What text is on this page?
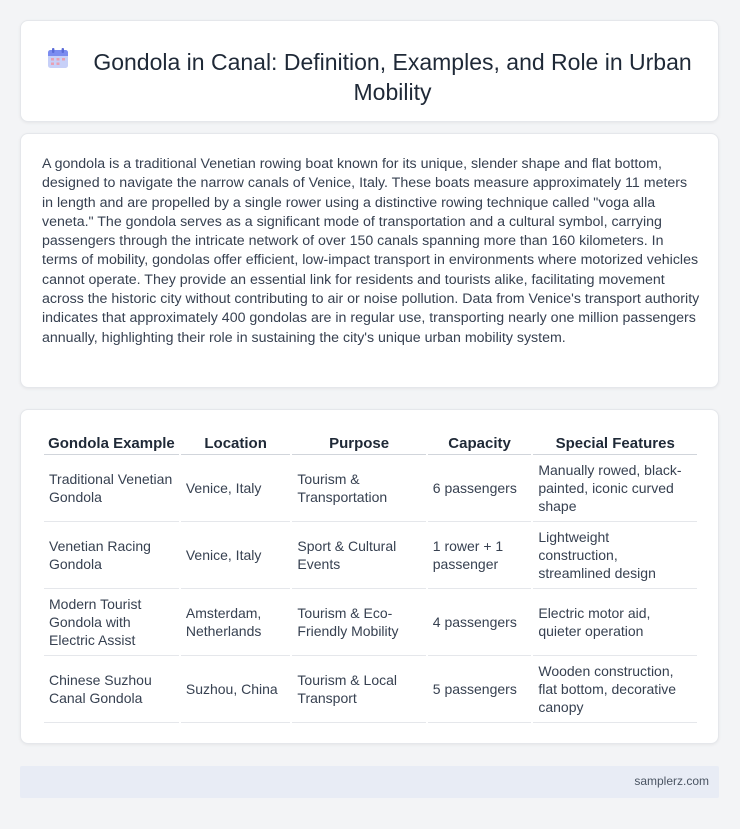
Gondola in Canal: Definition, Examples, and Role in Urban Mobility

A gondola is a traditional Venetian rowing boat known for its unique, slender shape and flat bottom, designed to navigate the narrow canals of Venice, Italy. These boats measure approximately 11 meters in length and are propelled by a single rower using a distinctive rowing technique called "voga alla veneta." The gondola serves as a significant mode of transportation and a cultural symbol, carrying passengers through the intricate network of over 150 canals spanning more than 160 kilometers. In terms of mobility, gondolas offer efficient, low-impact transport in environments where motorized vehicles cannot operate. They provide an essential link for residents and tourists alike, facilitating movement across the historic city without contributing to air or noise pollution. Data from Venice's transport authority indicates that approximately 400 gondolas are in regular use, transporting nearly one million passengers annually, highlighting their role in sustaining the city's unique urban mobility system.

Gondola Example	Location	Purpose	Capacity	Special Features
Traditional Venetian Gondola	Venice, Italy	Tourism & Transportation	6 passengers	Manually rowed, black-painted, iconic curved shape
Venetian Racing Gondola	Venice, Italy	Sport & Cultural Events	1 rower + 1 passenger	Lightweight construction, streamlined design
Modern Tourist Gondola with Electric Assist	Amsterdam, Netherlands	Tourism & Eco-Friendly Mobility	4 passengers	Electric motor aid, quieter operation
Chinese Suzhou Canal Gondola	Suzhou, China	Tourism & Local Transport	5 passengers	Wooden construction, flat bottom, decorative canopy
samplerz.com
